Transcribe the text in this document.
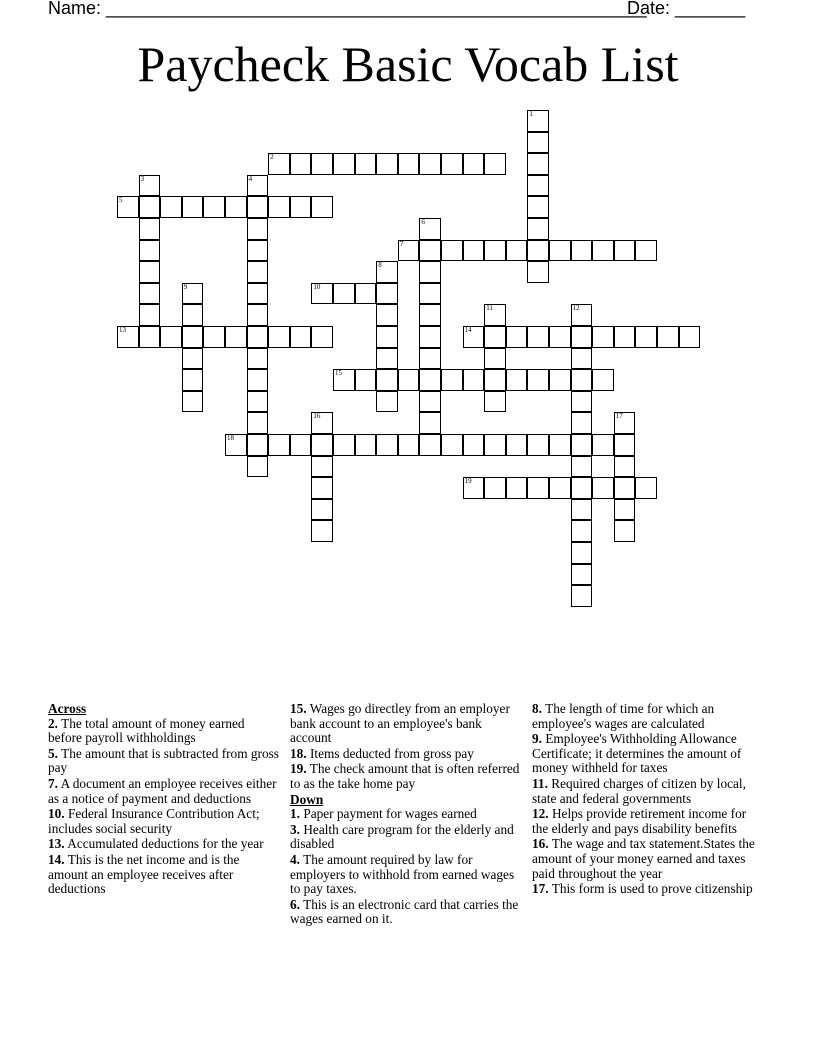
Name: ______________________________________________________
Date: _______
Paycheck Basic Vocab List
1
2
3	4
5
6
7
8
9	10
11	12
13	14
15
16	17
18
19

Across

2. The total amount of money earned before payroll withholdings

5. The amount that is subtracted from gross pay

7. A document an employee receives either as a notice of payment and deductions

10. Federal Insurance Contribution Act; includes social security

13. Accumulated deductions for the year

14. This is the net income and is the amount an employee receives after deductions

15. Wages go directley from an employer bank account to an employee's bank account

18. Items deducted from gross pay

19. The check amount that is often referred to as the take home pay

Down

1. Paper payment for wages earned

3. Health care program for the elderly and disabled

4. The amount required by law for employers to withhold from earned wages to pay taxes.

6. This is an electronic card that carries the wages earned on it.

8. The length of time for which an employee's wages are calculated

9. Employee's Withholding Allowance Certificate; it determines the amount of money withheld for taxes

11. Required charges of citizen by local, state and federal governments

12. Helps provide retirement income for the elderly and pays disability benefits

16. The wage and tax statement.States the amount of your money earned and taxes paid throughout the year

17. This form is used to prove citizenship
